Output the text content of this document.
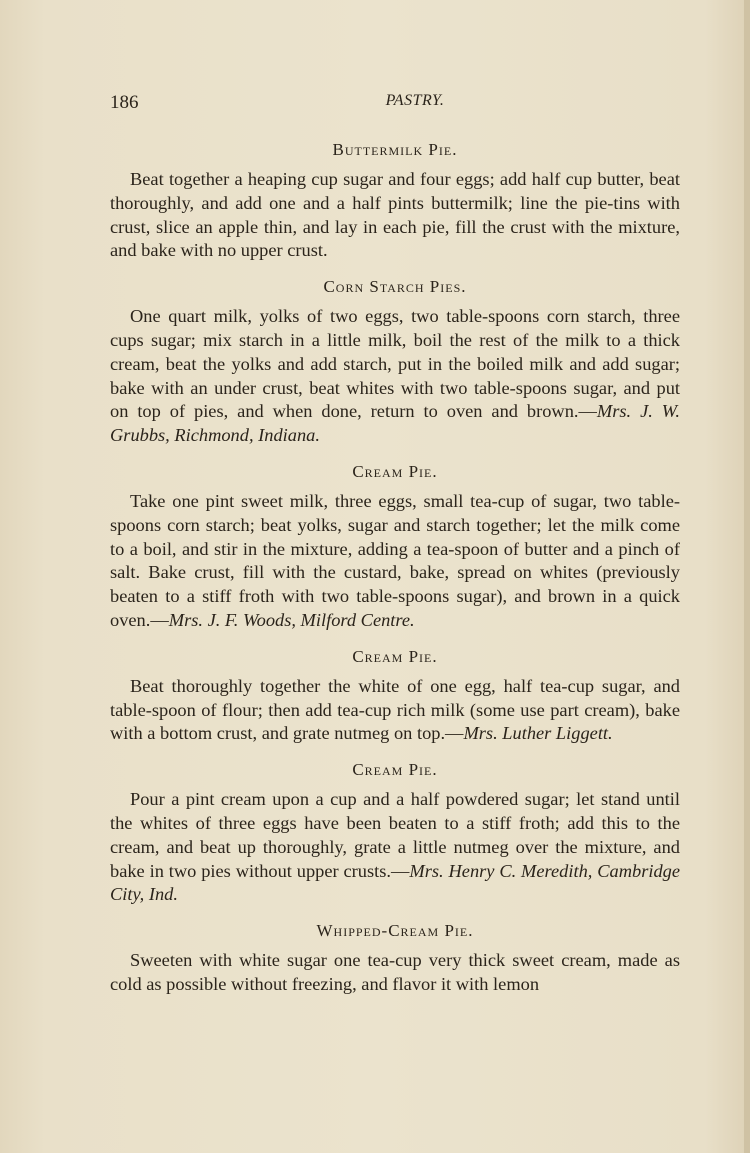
186	PASTRY.
Buttermilk Pie.

Beat together a heaping cup sugar and four eggs; add half cup butter, beat thoroughly, and add one and a half pints buttermilk; line the pie-tins with crust, slice an apple thin, and lay in each pie, fill the crust with the mixture, and bake with no upper crust.

Corn Starch Pies.

One quart milk, yolks of two eggs, two table-spoons corn starch, three cups sugar; mix starch in a little milk, boil the rest of the milk to a thick cream, beat the yolks and add starch, put in the boiled milk and add sugar; bake with an under crust, beat whites with two table-spoons sugar, and put on top of pies, and when done, return to oven and brown.—Mrs. J. W. Grubbs, Richmond, Indiana.

Cream Pie.

Take one pint sweet milk, three eggs, small tea-cup of sugar, two table-spoons corn starch; beat yolks, sugar and starch together; let the milk come to a boil, and stir in the mixture, adding a tea-spoon of butter and a pinch of salt. Bake crust, fill with the custard, bake, spread on whites (previously beaten to a stiff froth with two table-spoons sugar), and brown in a quick oven.—Mrs. J. F. Woods, Milford Centre.

Cream Pie.

Beat thoroughly together the white of one egg, half tea-cup sugar, and table-spoon of flour; then add tea-cup rich milk (some use part cream), bake with a bottom crust, and grate nutmeg on top.—Mrs. Luther Liggett.

Cream Pie.

Pour a pint cream upon a cup and a half powdered sugar; let stand until the whites of three eggs have been beaten to a stiff froth; add this to the cream, and beat up thoroughly, grate a little nutmeg over the mixture, and bake in two pies without upper crusts.—Mrs. Henry C. Meredith, Cambridge City, Ind.

Whipped-Cream Pie.

Sweeten with white sugar one tea-cup very thick sweet cream, made as cold as possible without freezing, and flavor it with lemon
